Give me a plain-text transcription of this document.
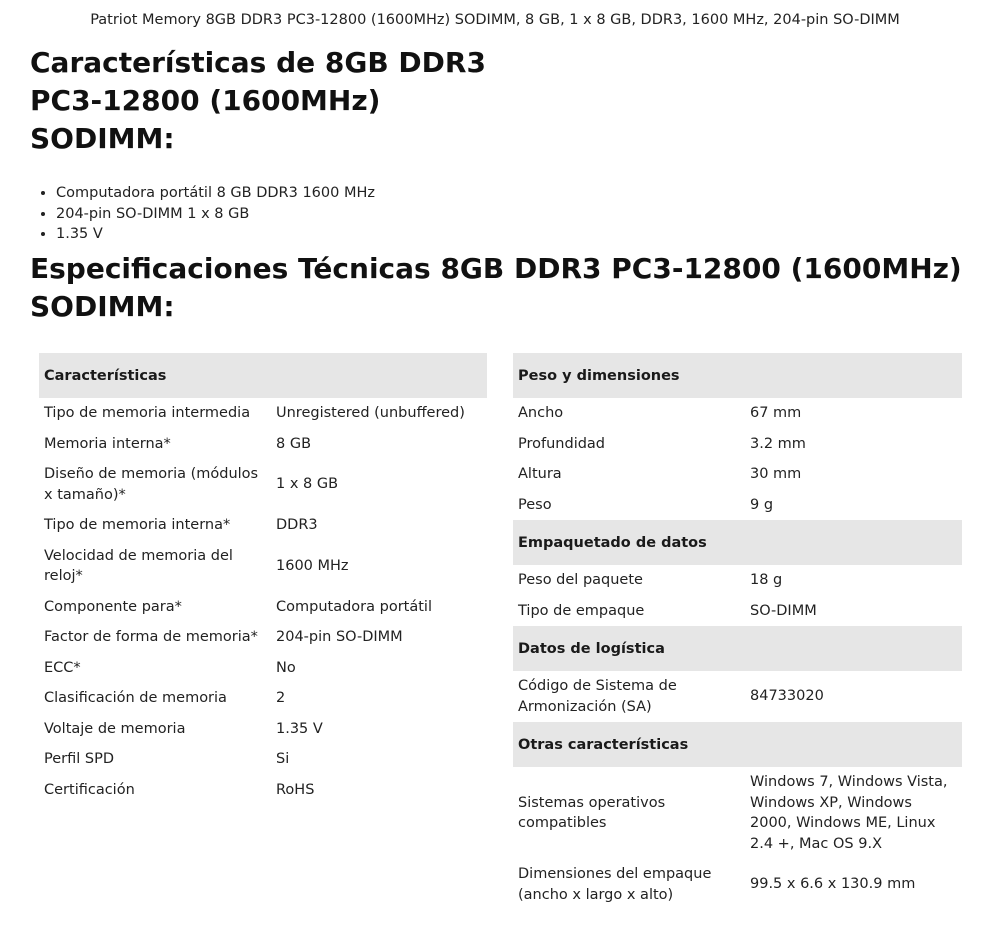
Patriot Memory 8GB DDR3 PC3-12800 (1600MHz) SODIMM, 8 GB, 1 x 8 GB, DDR3, 1600 MHz, 204-pin SO-DIMM
Características de 8GB DDR3 PC3-12800 (1600MHz) SODIMM:
• Computadora portátil 8 GB DDR3 1600 MHz
• 204-pin SO-DIMM 1 x 8 GB
• 1.35 V
Especificaciones Técnicas 8GB DDR3 PC3-12800 (1600MHz) SODIMM:
Características	
Tipo de memoria intermedia	Unregistered (unbuffered)
Memoria interna*	8 GB
Diseño de memoria (módulos x tamaño)*	1 x 8 GB
Tipo de memoria interna*	DDR3
Velocidad de memoria del reloj*	1600 MHz
Componente para*	Computadora portátil
Factor de forma de memoria*	204-pin SO-DIMM
ECC*	No
Clasificación de memoria	2
Voltaje de memoria	1.35 V
Perfil SPD	Si
Certificación	RoHS
Peso y dimensiones	
Ancho	67 mm
Profundidad	3.2 mm
Altura	30 mm
Peso	9 g
Empaquetado de datos	
Peso del paquete	18 g
Tipo de empaque	SO-DIMM
Datos de logística	
Código de Sistema de Armonización (SA)	84733020
Otras características	
Sistemas operativos compatibles	Windows 7, Windows Vista, Windows XP, Windows 2000, Windows ME, Linux 2.4 +, Mac OS 9.X
Dimensiones del empaque (ancho x largo x alto)	99.5 x 6.6 x 130.9 mm
